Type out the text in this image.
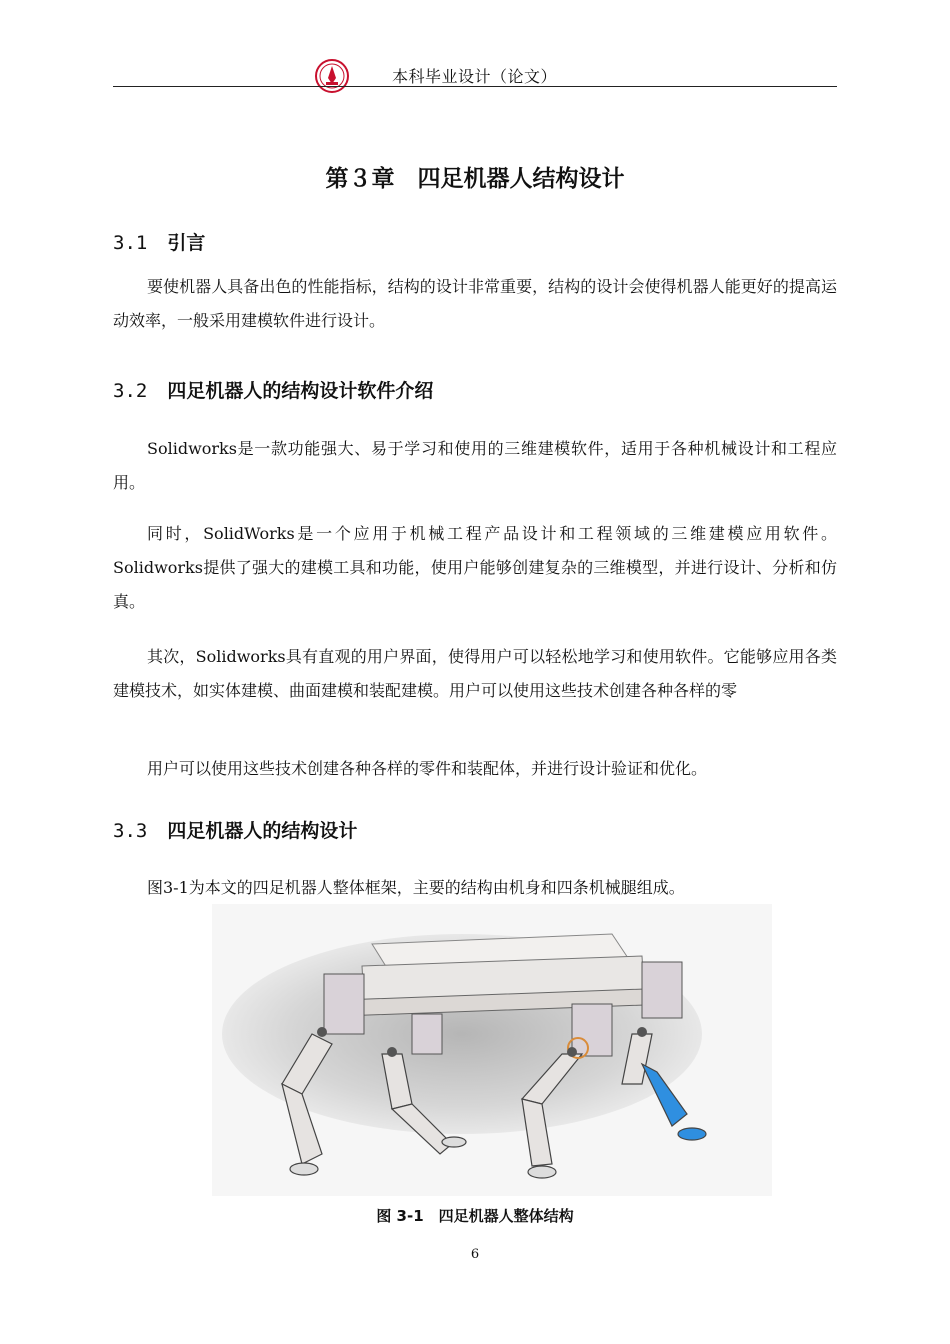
本科毕业设计（论文）
第３章　四足机器人结构设计
3.1 引言
要使机器人具备出色的性能指标，结构的设计非常重要，结构的设计会使得机器人能更好的提高运动效率，一般采用建模软件进行设计。
3.2 四足机器人的结构设计软件介绍
Solidworks是一款功能强大、易于学习和使用的三维建模软件，适用于各种机械设计和工程应用。
同时，SolidWorks是一个应用于机械工程产品设计和工程领域的三维建模应用软件。Solidworks提供了强大的建模工具和功能，使用户能够创建复杂的三维模型，并进行设计、分析和仿真。
其次，Solidworks具有直观的用户界面，使得用户可以轻松地学习和使用软件。它能够应用各类建模技术，如实体建模、曲面建模和装配建模。用户可以使用这些技术创建各种各样的零
用户可以使用这些技术创建各种各样的零件和装配体，并进行设计验证和优化。
3.3 四足机器人的结构设计
图3-1为本文的四足机器人整体框架，主要的结构由机身和四条机械腿组成。
图 3-1　四足机器人整体结构
6
